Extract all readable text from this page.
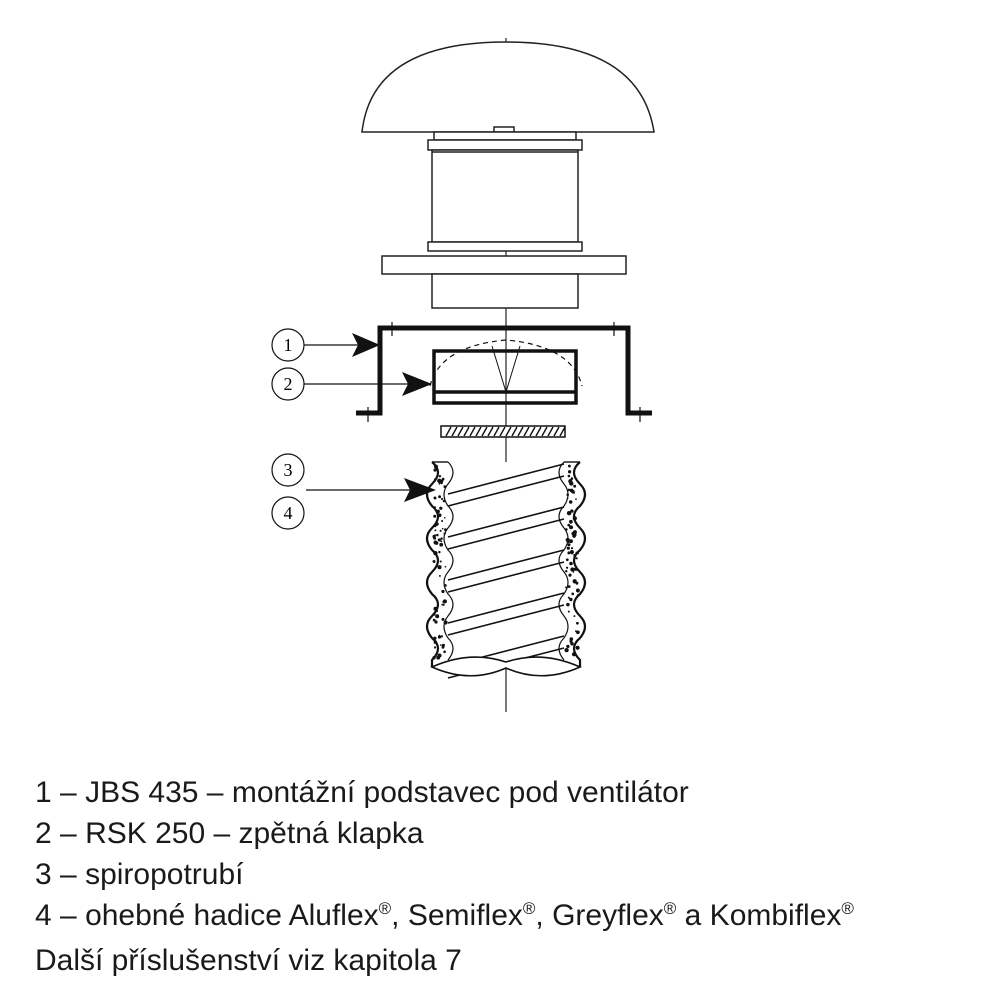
1
2
3
4
1 – JBS 435 – montážní podstavec pod ventilátor
2 – RSK 250 – zpětná klapka
3 – spiropotrubí
4 – ohebné hadice Aluflex®, Semiflex®, Greyflex® a Kombiflex®
Další příslušenství viz kapitola 7
